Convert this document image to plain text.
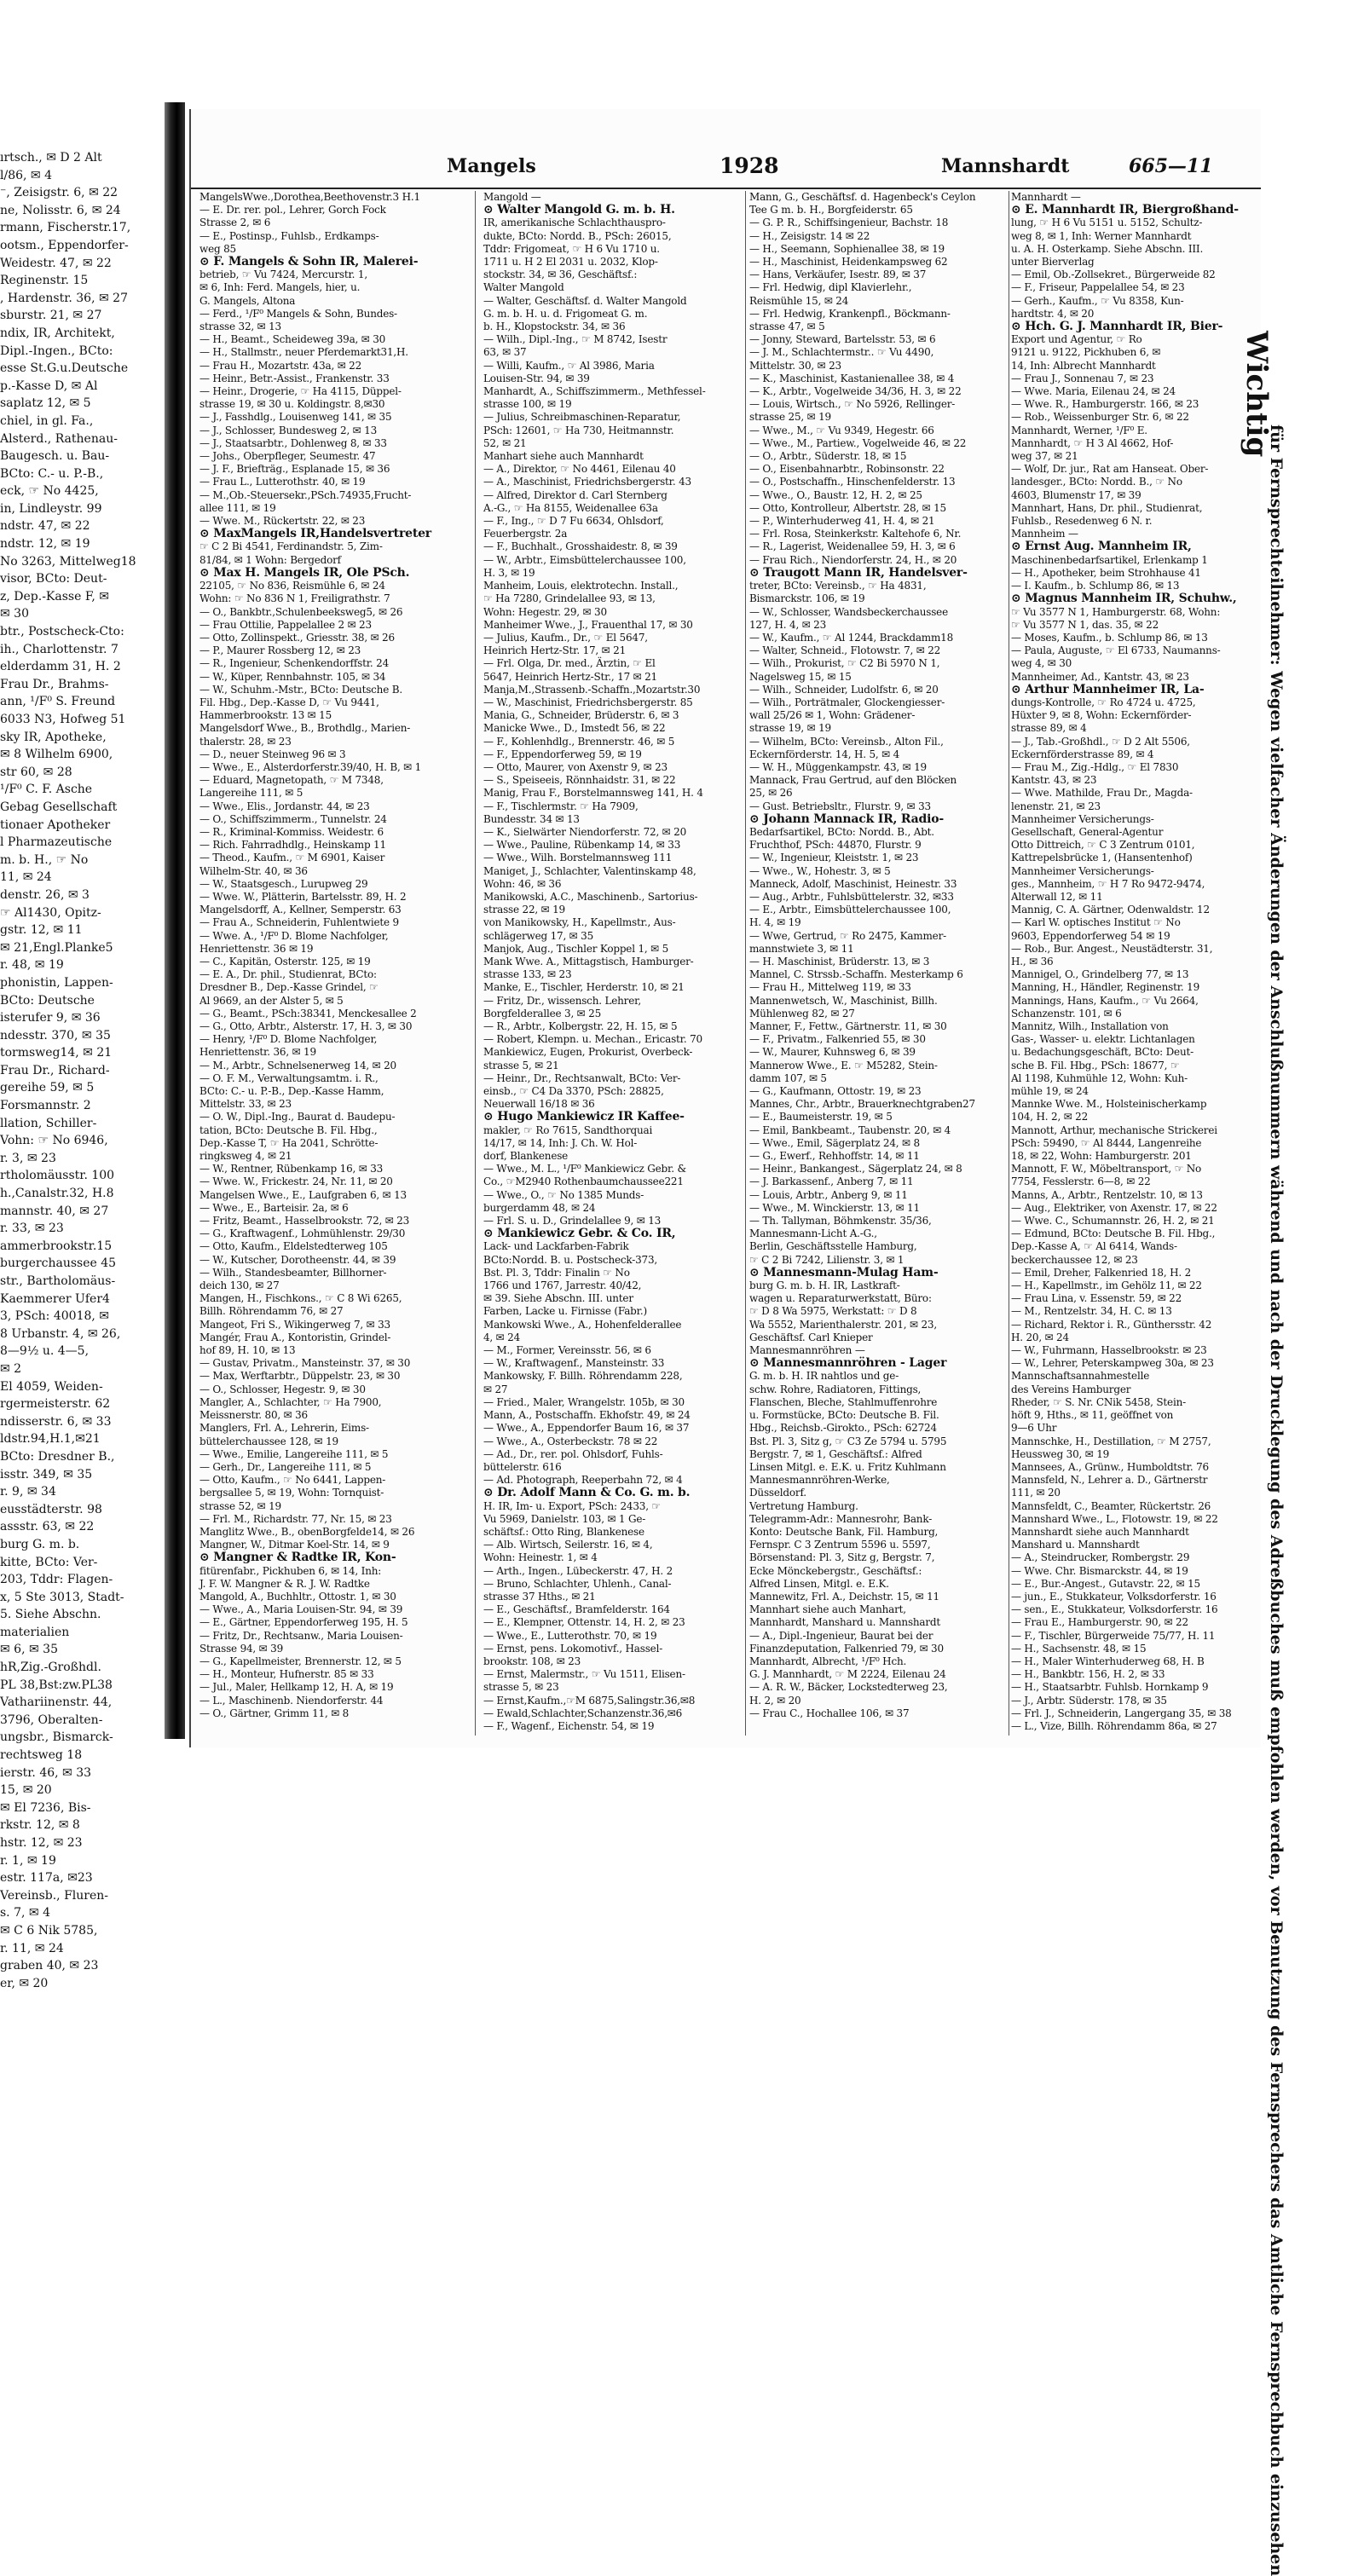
ırtsch., ✉ D 2 Alt
l/86, ✉ 4
⁻, Zeisigstr. 6, ✉ 22
ne, Nolisstr. 6, ✉ 24
rmann, Fischerstr.17,
ootsm., Eppendorfer-
Weidestr. 47, ✉ 22
Reginenstr. 15
, Hardenstr. 36, ✉ 27
sburstr. 21, ✉ 27
ndix, IR, Architekt,
Dipl.-Ingen., BCto:
esse St.G.u.Deutsche
p.-Kasse D, ✉ Al
saplatz 12, ✉ 5
chiel, in gl. Fa.,
Alsterd., Rathenau-
Baugesch. u. Bau-
BCto: C.- u. P.-B.,
eck, ☞ No 4425,
in, Lindleystr. 99
ndstr. 47, ✉ 22
ndstr. 12, ✉ 19
No 3263, Mittelweg18
visor, BCto: Deut-
z, Dep.-Kasse F, ✉
✉ 30
btr., Postscheck-Cto:
ih., Charlottenstr. 7
elderdamm 31, H. 2
Frau Dr., Brahms-
ann, ¹/F⁰ S. Freund
6033 N3, Hofweg 51
sky IR, Apotheke,
✉ 8 Wilhelm 6900,
str 60, ✉ 28
¹/F⁰ C. F. Asche
Gebag Gesellschaft
tionaer Apotheker
l Pharmazeutische
m. b. H., ☞ No
11, ✉ 24
denstr. 26, ✉ 3
☞ Al1430, Opitz-
gstr. 12, ✉ 11
✉ 21,Engl.Planke5
r. 48, ✉ 19
phonistin, Lappen-
BCto: Deutsche
isterufer 9, ✉ 36
ndesstr. 370, ✉ 35
tormsweg14, ✉ 21
Frau Dr., Richard-
gereihe 59, ✉ 5
Forsmannstr. 2
llation, Schiller-
Vohn: ☞ No 6946,
r. 3, ✉ 23
rtholomäusstr. 100
h.,Canalstr.32, H.8
mannstr. 40, ✉ 27
r. 33, ✉ 23
ammerbrookstr.15
burgerchaussee 45
str., Bartholomäus-
Kaemmerer Ufer4
3, PSch: 40018, ✉
8 Urbanstr. 4, ✉ 26,
8—9½ u. 4—5,
✉ 2
El 4059, Weiden-
rgermeisterstr. 62
ndisserstr. 6, ✉ 33
ldstr.94,H.1,✉21
BCto: Dresdner B.,
isstr. 349, ✉ 35
r. 9, ✉ 34
eusstädterstr. 98
assstr. 63, ✉ 22
burg G. m. b.
kitte, BCto: Ver-
203, Tddr: Flagen-
x, 5 Ste 3013, Stadt-
5. Siehe Abschn.
materialien
✉ 6, ✉ 35
hR,Zig.-Großhdl.
PL 38,Bst:zw.PL38
Vathariinenstr. 44,
3796, Oberalten-
ungsbr., Bismarck-
rechtsweg 18
ierstr. 46, ✉ 33
15, ✉ 20
✉ El 7236, Bis-
rkstr. 12, ✉ 8
hstr. 12, ✉ 23
r. 1, ✉ 19
estr. 117a, ✉23
Vereinsb., Fluren-
s. 7, ✉ 4
✉ C 6 Nik 5785,
r. 11, ✉ 24
graben 40, ✉ 23
er, ✉ 20
Mangels	1928	Mannshardt	665—11
MangelsWwe.,Dorothea,Beethovenstr.3 H.1
— E. Dr. rer. pol., Lehrer, Gorch Fock
Strasse 2, ✉ 6
— E., Postinsp., Fuhlsb., Erdkamps-
weg 85
⊙ F. Mangels & Sohn IR, Malerei-
betrieb, ☞ Vu 7424, Mercurstr. 1,
✉ 6, Inh: Ferd. Mangels, hier, u.
G. Mangels, Altona
— Ferd., ¹/F⁰ Mangels & Sohn, Bundes-
strasse 32, ✉ 13
— H., Beamt., Scheideweg 39a, ✉ 30
— H., Stallmstr., neuer Pferdemarkt31,H.
— Frau H., Mozartstr. 43a, ✉ 22
— Heinr., Betr.-Assist., Frankenstr. 33
— Heinr., Drogerie, ☞ Ha 4115, Düppel-
strasse 19, ✉ 30 u. Koldingstr. 8,✉30
— J., Fasshdlg., Louisenweg 141, ✉ 35
— J., Schlosser, Bundesweg 2, ✉ 13
— J., Staatsarbtr., Dohlenweg 8, ✉ 33
— Johs., Oberpfleger, Seumestr. 47
— J. F., Briefträg., Esplanade 15, ✉ 36
— Frau L., Lutterothstr. 40, ✉ 19
— M.,Ob.-Steuersekr.,PSch.74935,Frucht-
allee 111, ✉ 19
— Wwe. M., Rückertstr. 22, ✉ 23
⊙ MaxMangels IR,Handelsvertreter
☞ C 2 Bi 4541, Ferdinandstr. 5, Zim-
81/84, ✉ 1 Wohn: Bergedorf
⊙ Max H. Mangels IR, Ole PSch.
22105, ☞ No 836, Reismühle 6, ✉ 24
Wohn: ☞ No 836 N 1, Freiligrathstr. 7
— O., Bankbtr.,Schulenbeeksweg5, ✉ 26
— Frau Ottilie, Pappelallee 2 ✉ 23
— Otto, Zollinspekt., Griesstr. 38, ✉ 26
— P., Maurer Rossberg 12, ✉ 23
— R., Ingenieur, Schenkendorffstr. 24
— W., Küper, Rennbahnstr. 105, ✉ 34
— W., Schuhm.-Mstr., BCto: Deutsche B.
Fil. Hbg., Dep.-Kasse D, ☞ Vu 9441,
Hammerbrookstr. 13 ✉ 15
Mangelsdorf Wwe., B., Brothdlg., Marien-
thalerstr. 28, ✉ 23
— D., neuer Steinweg 96 ✉ 3
— Wwe., E., Alsterdorferstr.39/40, H. B, ✉ 1
— Eduard, Magnetopath, ☞ M 7348,
Langereihe 111, ✉ 5
— Wwe., Elis., Jordanstr. 44, ✉ 23
— O., Schiffszimmerm., Tunnelstr. 24
— R., Kriminal-Kommiss. Weidestr. 6
— Rich. Fahrradhdlg., Heinskamp 11
— Theod., Kaufm., ☞ M 6901, Kaiser
Wilhelm-Str. 40, ✉ 36
— W., Staatsgesch., Lurupweg 29
— Wwe. W., Plätterin, Bartelsstr. 89, H. 2
Mangelsdorff, A., Kellner, Semperstr. 63
— Frau A., Schneiderin, Fuhlentwiete 9
— Wwe. A., ¹/F⁰ D. Blome Nachfolger,
Henriettenstr. 36 ✉ 19
— C., Kapitän, Osterstr. 125, ✉ 19
— E. A., Dr. phil., Studienrat, BCto:
Dresdner B., Dep.-Kasse Grindel, ☞
Al 9669, an der Alster 5, ✉ 5
— G., Beamt., PSch:38341, Menckesallee 2
— G., Otto, Arbtr., Alsterstr. 17, H. 3, ✉ 30
— Henry, ¹/F⁰ D. Blome Nachfolger,
Henriettenstr. 36, ✉ 19
— M., Arbtr., Schnelsenerweg 14, ✉ 20
— O. F. M., Verwaltungsamtm. i. R.,
BCto: C.- u. P.-B., Dep.-Kasse Hamm,
Mittelstr. 33, ✉ 23
— O. W., Dipl.-Ing., Baurat d. Baudepu-
tation, BCto: Deutsche B. Fil. Hbg.,
Dep.-Kasse T, ☞ Ha 2041, Schrötte-
ringksweg 4, ✉ 21
— W., Rentner, Rübenkamp 16, ✉ 33
— Wwe. W., Frickestr. 24, Nr. 11, ✉ 20
Mangelsen Wwe., E., Laufgraben 6, ✉ 13
— Wwe., E., Barteisir. 2a, ✉ 6
— Fritz, Beamt., Hasselbrookstr. 72, ✉ 23
— G., Kraftwagenf., Lohmühlenstr. 29/30
— Otto, Kaufm., Eldelstedterweg 105
— W., Kutscher, Dorotheenstr. 44, ✉ 39
— Wilh., Standesbeamter, Billhorner-
deich 130, ✉ 27
Mangen, H., Fischkons., ☞ C 8 Wi 6265,
Billh. Röhrendamm 76, ✉ 27
Mangeot, Fri S., Wikingerweg 7, ✉ 33
Mangér, Frau A., Kontoristin, Grindel-
hof 89, H. 10, ✉ 13
— Gustav, Privatm., Mansteinstr. 37, ✉ 30
— Max, Werftarbtr., Düppelstr. 23, ✉ 30
— O., Schlosser, Hegestr. 9, ✉ 30
Mangler, A., Schlachter, ☞ Ha 7900,
Meissnerstr. 80, ✉ 36
Manglers, Frl. A., Lehrerin, Eims-
büttelerchaussee 128, ✉ 19
— Wwe., Emilie, Langereihe 111, ✉ 5
— Gerh., Dr., Langereihe 111, ✉ 5
— Otto, Kaufm., ☞ No 6441, Lappen-
bergsallee 5, ✉ 19, Wohn: Tornquist-
strasse 52, ✉ 19
— Frl. M., Richardstr. 77, Nr. 15, ✉ 23
Manglitz Wwe., B., obenBorgfelde14, ✉ 26
Mangner, W., Ditmar Koel-Str. 14, ✉ 9
⊙ Mangner & Radtke IR, Kon-
fitürenfabr., Pickhuben 6, ✉ 14, Inh:
J. F. W. Mangner & R. J. W. Radtke
Mangold, A., Buchhltr., Ottostr. 1, ✉ 30
— Wwe., A., Maria Louisen-Str. 94, ✉ 39
— E., Gärtner, Eppendorferweg 195, H. 5
— Fritz, Dr., Rechtsanw., Maria Louisen-
Strasse 94, ✉ 39
— G., Kapellmeister, Brennerstr. 12, ✉ 5
— H., Monteur, Hufnerstr. 85 ✉ 33
— Jul., Maler, Hellkamp 12, H. A, ✉ 19
— L., Maschinenb. Niendorferstr. 44
— O., Gärtner, Grimm 11, ✉ 8
Mangold —
⊙ Walter Mangold G. m. b. H.
IR, amerikanische Schlachthauspro-
dukte, BCto: Nordd. B., PSch: 26015,
Tddr: Frigomeat, ☞ H 6 Vu 1710 u.
1711 u. H 2 El 2031 u. 2032, Klop-
stockstr. 34, ✉ 36, Geschäftsf.:
Walter Mangold
— Walter, Geschäftsf. d. Walter Mangold
G. m. b. H. u. d. Frigomeat G. m.
b. H., Klopstockstr. 34, ✉ 36
— Wilh., Dipl.-Ing., ☞ M 8742, Isestr
63, ✉ 37
— Willi, Kaufm., ☞ Al 3986, Maria
Louisen-Str. 94, ✉ 39
Manhardt, A., Schiffszimmerm., Methfessel-
strasse 100, ✉ 19
— Julius, Schreibmaschinen-Reparatur,
PSch: 12601, ☞ Ha 730, Heitmannstr.
52, ✉ 21
Manhart siehe auch Mannhardt
— A., Direktor, ☞ No 4461, Eilenau 40
— A., Maschinist, Friedrichsbergerstr. 43
— Alfred, Direktor d. Carl Sternberg
A.-G., ☞ Ha 8155, Weidenallee 63a
— F., Ing., ☞ D 7 Fu 6634, Ohlsdorf,
Feuerbergstr. 2a
— F., Buchhalt., Grosshaidestr. 8, ✉ 39
— W., Arbtr., Eimsbüttelerchaussee 100,
H. 3, ✉ 19
Manheim, Louis, elektrotechn. Install.,
☞ Ha 7280, Grindelallee 93, ✉ 13,
Wohn: Hegestr. 29, ✉ 30
Manheimer Wwe., J., Frauenthal 17, ✉ 30
— Julius, Kaufm., Dr., ☞ El 5647,
Heinrich Hertz-Str. 17, ✉ 21
— Frl. Olga, Dr. med., Ärztin, ☞ El
5647, Heinrich Hertz-Str., 17 ✉ 21
Manja,M.,Strassenb.-Schaffn.,Mozartstr.30
— W., Maschinist, Friedrichsbergerstr. 85
Mania, G., Schneider, Brüderstr. 6, ✉ 3
Manicke Wwe., D., Imstedt 56, ✉ 22
— F., Kohlenhdlg., Brennerstr. 46, ✉ 5
— F., Eppendorferweg 59, ✉ 19
— Otto, Maurer, von Axenstr 9, ✉ 23
— S., Speiseeis, Rönnhaidstr. 31, ✉ 22
Manig, Frau F., Borstelmannsweg 141, H. 4
— F., Tischlermstr. ☞ Ha 7909,
Bundesstr. 34 ✉ 13
— K., Sielwärter Niendorferstr. 72, ✉ 20
— Wwe., Pauline, Rübenkamp 14, ✉ 33
— Wwe., Wilh. Borstelmannsweg 111
Maniget, J., Schlachter, Valentinskamp 48,
Wohn: 46, ✉ 36
Manikowski, A.C., Maschinenb., Sartorius-
strasse 22, ✉ 19
von Manikowsky, H., Kapellmstr., Aus-
schlägerweg 17, ✉ 35
Manjok, Aug., Tischler Koppel 1, ✉ 5
Mank Wwe. A., Mittagstisch, Hamburger-
strasse 133, ✉ 23
Manke, E., Tischler, Herderstr. 10, ✉ 21
— Fritz, Dr., wissensch. Lehrer,
Borgfelderallee 3, ✉ 25
— R., Arbtr., Kolbergstr. 22, H. 15, ✉ 5
— Robert, Klempn. u. Mechan., Ericastr. 70
Mankiewicz, Eugen, Prokurist, Overbeck-
strasse 5, ✉ 21
— Heinr., Dr., Rechtsanwalt, BCto: Ver-
einsb., ☞ C4 Da 3370, PSch: 28825,
Neuerwall 16/18 ✉ 36
⊙ Hugo Mankiewicz IR Kaffee-
makler, ☞ Ro 7615, Sandthorquai
14/17, ✉ 14, Inh: J. Ch. W. Hol-
dorf, Blankenese
— Wwe., M. L., ¹/F⁰ Mankiewicz Gebr. &
Co., ☞M2940 Rothenbaumchaussee221
— Wwe., O., ☞ No 1385 Munds-
burgerdamm 48, ✉ 24
— Frl. S. u. D., Grindelallee 9, ✉ 13
⊙ Mankiewicz Gebr. & Co. IR,
Lack- und Lackfarben-Fabrik
BCto:Nordd. B. u. Postscheck-373,
Bst. Pl. 3, Tddr: Finalin ☞ No
1766 und 1767, Jarrestr. 40/42,
✉ 39. Siehe Abschn. III. unter
Farben, Lacke u. Firnisse (Fabr.)
Mankowski Wwe., A., Hohenfelderallee
4, ✉ 24
— M., Former, Vereinsstr. 56, ✉ 6
— W., Kraftwagenf., Mansteinstr. 33
Mankowsky, F. Billh. Röhrendamm 228,
✉ 27
— Fried., Maler, Wrangelstr. 105b, ✉ 30
Mann, A., Postschaffn. Ekhofstr. 49, ✉ 24
— Wwe., A., Eppendorfer Baum 16, ✉ 37
— Wwe., A., Osterbeckstr. 78 ✉ 22
— Ad., Dr., rer. pol. Ohlsdorf, Fuhls-
büttelerstr. 616
— Ad. Photograph, Reeperbahn 72, ✉ 4
⊙ Dr. Adolf Mann & Co. G. m. b.
H. IR, Im- u. Export, PSch: 2433, ☞
Vu 5969, Danielstr. 103, ✉ 1 Ge-
schäftsf.: Otto Ring, Blankenese
— Alb. Wirtsch, Seilerstr. 16, ✉ 4,
Wohn: Heinestr. 1, ✉ 4
— Arth., Ingen., Lübeckerstr. 47, H. 2
— Bruno, Schlachter, Uhlenh., Canal-
strasse 37 Hths., ✉ 21
— E., Geschäftsf., Bramfelderstr. 164
— E., Klempner, Ottenstr. 14, H. 2, ✉ 23
— Wwe., E., Lutterothstr. 70, ✉ 19
— Ernst, pens. Lokomotivf., Hassel-
brookstr. 108, ✉ 23
— Ernst, Malermstr., ☞ Vu 1511, Elisen-
strasse 5, ✉ 23
— Ernst,Kaufm.,☞M 6875,Salingstr.36,✉8
— Ewald,Schlachter,Schanzenstr.36,✉6
— F., Wagenf., Eichenstr. 54, ✉ 19
Mann, G., Geschäftsf. d. Hagenbeck's Ceylon
Tee G m. b. H., Borgfeiderstr. 65
— G. P. R., Schiffsingenieur, Bachstr. 18
— H., Zeisigstr. 14 ✉ 22
— H., Seemann, Sophienallee 38, ✉ 19
— H., Maschinist, Heidenkampsweg 62
— Hans, Verkäufer, Isestr. 89, ✉ 37
— Frl. Hedwig, dipl Klavierlehr.,
Reismühle 15, ✉ 24
— Frl. Hedwig, Krankenpfl., Böckmann-
strasse 47, ✉ 5
— Jonny, Steward, Bartelsstr. 53, ✉ 6
— J. M., Schlachtermstr.. ☞ Vu 4490,
Mittelstr. 30, ✉ 23
— K., Maschinist, Kastanienallee 38, ✉ 4
— K., Arbtr., Vogelweide 34/36, H. 3, ✉ 22
— Louis, Wirtsch., ☞ No 5926, Rellinger-
strasse 25, ✉ 19
— Wwe., M., ☞ Vu 9349, Hegestr. 66
— Wwe., M., Partiew., Vogelweide 46, ✉ 22
— O., Arbtr., Süderstr. 18, ✉ 15
— O., Eisenbahnarbtr., Robinsonstr. 22
— O., Postschaffn., Hinschenfelderstr. 13
— Wwe., O., Baustr. 12, H. 2, ✉ 25
— Otto, Kontrolleur, Albertstr. 28, ✉ 15
— P., Winterhuderweg 41, H. 4, ✉ 21
— Frl. Rosa, Steinkerkstr. Kaltehofe 6, Nr.
— R., Lagerist, Weidenallee 59, H. 3, ✉ 6
— Frau Rich., Niendorferstr. 24, H., ✉ 20
⊙ Traugott Mann IR, Handelsver-
treter, BCto: Vereinsb., ☞ Ha 4831,
Bismarckstr. 106, ✉ 19
— W., Schlosser, Wandsbeckerchaussee
127, H. 4, ✉ 23
— W., Kaufm., ☞ Al 1244, Brackdamm18
— Walter, Schneid., Flotowstr. 7, ✉ 22
— Wilh., Prokurist, ☞ C2 Bi 5970 N 1,
Nagelsweg 15, ✉ 15
— Wilh., Schneider, Ludolfstr. 6, ✉ 20
— Wilh., Porträtmaler, Glockengiesser-
wall 25/26 ✉ 1, Wohn: Grädener-
strasse 19, ✉ 19
— Wilhelm, BCto: Vereinsb., Alton Fil.,
Eckernförderstr. 14, H. 5, ✉ 4
— W. H., Müggenkampstr. 43, ✉ 19
Mannack, Frau Gertrud, auf den Blöcken
25, ✉ 26
— Gust. Betriebsltr., Flurstr. 9, ✉ 33
⊙ Johann Mannack IR, Radio-
Bedarfsartikel, BCto: Nordd. B., Abt.
Fruchthof, PSch: 44870, Flurstr. 9
— W., Ingenieur, Kleiststr. 1, ✉ 23
— Wwe., W., Hohestr. 3, ✉ 5
Manneck, Adolf, Maschinist, Heinestr. 33
— Aug., Arbtr., Fuhlsbüttelerstr. 32, ✉33
— E., Arbtr., Eimsbüttelerchaussee 100,
H. 4, ✉ 19
— Wwe, Gertrud, ☞ Ro 2475, Kammer-
mannstwiete 3, ✉ 11
— H. Maschinist, Brüderstr. 13, ✉ 3
Mannel, C. Strssb.-Schaffn. Mesterkamp 6
— Frau H., Mittelweg 119, ✉ 33
Mannenwetsch, W., Maschinist, Billh.
Mühlenweg 82, ✉ 27
Manner, F., Fettw., Gärtnerstr. 11, ✉ 30
— F., Privatm., Falkenried 55, ✉ 30
— W., Maurer, Kuhnsweg 6, ✉ 39
Mannerow Wwe., E. ☞ M5282, Stein-
damm 107, ✉ 5
— G., Kaufmann, Ottostr. 19, ✉ 23
Mannes, Chr., Arbtr., Brauerknechtgraben27
— E., Baumeisterstr. 19, ✉ 5
— Emil, Bankbeamt., Taubenstr. 20, ✉ 4
— Wwe., Emil, Sägerplatz 24, ✉ 8
— G., Ewerf., Rehhoffstr. 14, ✉ 11
— Heinr., Bankangest., Sägerplatz 24, ✉ 8
— J. Barkassenf., Anberg 7, ✉ 11
— Louis, Arbtr., Anberg 9, ✉ 11
— Wwe., M. Winckierstr. 13, ✉ 11
— Th. Tallyman, Böhmkenstr. 35/36,
Mannesmann-Licht A.-G.,
Berlin, Geschäftsstelle Hamburg,
☞ C 2 Bi 7242, Lilienstr. 3, ✉ 1
⊙ Mannesmann-Mulag Ham-
burg G. m. b. H. IR, Lastkraft-
wagen u. Reparaturwerkstatt, Büro:
☞ D 8 Wa 5975, Werkstatt: ☞ D 8
Wa 5552, Marienthalerstr. 201, ✉ 23,
Geschäftsf. Carl Knieper
Mannesmannröhren —
⊙ Mannesmannröhren - Lager
G. m. b. H. IR nahtlos und ge-
schw. Rohre, Radiatoren, Fittings,
Flanschen, Bleche, Stahlmuffenrohre
u. Formstücke, BCto: Deutsche B. Fil.
Hbg., Reichsb.-Girokto., PSch: 62724
Bst. Pl. 3, Sitz g, ☞ C3 Ze 5794 u. 5795
Bergstr. 7, ✉ 1, Geschäftsf.: Alfred
Linsen Mitgl. e. E.K. u. Fritz Kuhlmann
Mannesmannröhren-Werke,
Düsseldorf.
Vertretung Hamburg.
Telegramm-Adr.: Mannesrohr, Bank-
Konto: Deutsche Bank, Fil. Hamburg,
Fernspr. C 3 Zentrum 5596 u. 5597,
Börsenstand: Pl. 3, Sitz g, Bergstr. 7,
Ecke Mönckebergstr., Geschäftsf.:
Alfred Linsen, Mitgl. e. E.K.
Mannewitz, Frl. A., Deichstr. 15, ✉ 11
Mannhart siehe auch Manhart,
Mannhardt, Manshard u. Mannshardt
— A., Dipl.-Ingenieur, Baurat bei der
Finanzdeputation, Falkenried 79, ✉ 30
Mannhardt, Albrecht, ¹/F⁰ Hch.
G. J. Mannhardt, ☞ M 2224, Eilenau 24
— A. R. W., Bäcker, Lockstedterweg 23,
H. 2, ✉ 20
— Frau C., Hochallee 106, ✉ 37
Mannhardt —
⊙ E. Mannhardt IR, Biergroßhand-
lung, ☞ H 6 Vu 5151 u. 5152, Schultz-
weg 8, ✉ 1, Inh: Werner Mannhardt
u. A. H. Osterkamp. Siehe Abschn. III.
unter Bierverlag
— Emil, Ob.-Zollsekret., Bürgerweide 82
— F., Friseur, Pappelallee 54, ✉ 23
— Gerh., Kaufm., ☞ Vu 8358, Kun-
hardtstr. 4, ✉ 20
⊙ Hch. G. J. Mannhardt IR, Bier-
Export und Agentur, ☞ Ro
9121 u. 9122, Pickhuben 6, ✉
14, Inh: Albrecht Mannhardt
— Frau J., Sonnenau 7, ✉ 23
— Wwe. Maria, Eilenau 24, ✉ 24
— Wwe. R., Hamburgerstr. 166, ✉ 23
— Rob., Weissenburger Str. 6, ✉ 22
Mannhardt, Werner, ¹/F⁰ E.
Mannhardt, ☞ H 3 Al 4662, Hof-
weg 37, ✉ 21
— Wolf, Dr. jur., Rat am Hanseat. Ober-
landesger., BCto: Nordd. B., ☞ No
4603, Blumenstr 17, ✉ 39
Mannhart, Hans, Dr. phil., Studienrat,
Fuhlsb., Resedenweg 6 N. r.
Mannheim —
⊙ Ernst Aug. Mannheim IR,
Maschinenbedarfsartikel, Erlenkamp 1
— H., Apotheker, beim Strohhause 41
— I. Kaufm., b. Schlump 86, ✉ 13
⊙ Magnus Mannheim IR, Schuhw.,
☞ Vu 3577 N 1, Hamburgerstr. 68, Wohn:
☞ Vu 3577 N 1, das. 35, ✉ 22
— Moses, Kaufm., b. Schlump 86, ✉ 13
— Paula, Auguste, ☞ El 6733, Naumanns-
weg 4, ✉ 30
Mannheimer, Ad., Kantstr. 43, ✉ 23
⊙ Arthur Mannheimer IR, La-
dungs-Kontrolle, ☞ Ro 4724 u. 4725,
Hüxter 9, ✉ 8, Wohn: Eckernförder-
strasse 89, ✉ 4
— J., Tab.-Großhdl., ☞ D 2 Alt 5506,
Eckernförderstrasse 89, ✉ 4
— Frau M., Zig.-Hdlg., ☞ El 7830
Kantstr. 43, ✉ 23
— Wwe. Mathilde, Frau Dr., Magda-
lenenstr. 21, ✉ 23
Mannheimer Versicherungs-
Gesellschaft, General-Agentur
Otto Dittreich, ☞ C 3 Zentrum 0101,
Kattrepelsbrücke 1, (Hansentenhof)
Mannheimer Versicherungs-
ges., Mannheim, ☞ H 7 Ro 9472-9474,
Alterwall 12, ✉ 11
Mannig, C. A. Gärtner, Odenwaldstr. 12
— Karl W. optisches Institut ☞ No
9603, Eppendorferweg 54 ✉ 19
— Rob., Bur. Angest., Neustädterstr. 31,
H., ✉ 36
Mannigel, O., Grindelberg 77, ✉ 13
Manning, H., Händler, Reginenstr. 19
Mannings, Hans, Kaufm., ☞ Vu 2664,
Schanzenstr. 101, ✉ 6
Mannitz, Wilh., Installation von
Gas-, Wasser- u. elektr. Lichtanlagen
u. Bedachungsgeschäft, BCto: Deut-
sche B. Fil. Hbg., PSch: 18677, ☞
Al 1198, Kuhmühle 12, Wohn: Kuh-
mühle 19, ✉ 24
Mannke Wwe. M., Holsteinischerkamp
104, H. 2, ✉ 22
Mannott, Arthur, mechanische Strickerei
PSch: 59490, ☞ Al 8444, Langenreihe
18, ✉ 22, Wohn: Hamburgerstr. 201
Mannott, F. W., Möbeltransport, ☞ No
7754, Fesslerstr. 6—8, ✉ 22
Manns, A., Arbtr., Rentzelstr. 10, ✉ 13
— Aug., Elektriker, von Axenstr. 17, ✉ 22
— Wwe. C., Schumannstr. 26, H. 2, ✉ 21
— Edmund, BCto: Deutsche B. Fil. Hbg.,
Dep.-Kasse A, ☞ Al 6414, Wands-
beckerchaussee 12, ✉ 23
— Emil, Dreher, Falkenried 18, H. 2
— H., Kapellmstr., im Gehölz 11, ✉ 22
— Frau Lina, v. Essenstr. 59, ✉ 22
— M., Rentzelstr. 34, H. C. ✉ 13
— Richard, Rektor i. R., Günthersstr. 42
H. 20, ✉ 24
— W., Fuhrmann, Hasselbrookstr. ✉ 23
— W., Lehrer, Peterskampweg 30a, ✉ 23
Mannschaftsannahmestelle
des Vereins Hamburger
Rheder, ☞ S. Nr. CNik 5458, Stein-
höft 9, Hths., ✉ 11, geöffnet von
9—6 Uhr
Mannschke, H., Destillation, ☞ M 2757,
Heussweg 30, ✉ 19
Mannsees, A., Grünw., Humboldtstr. 76
Mannsfeld, N., Lehrer a. D., Gärtnerstr
111, ✉ 20
Mannsfeldt, C., Beamter, Rückertstr. 26
Mannshard Wwe., L., Flotowstr. 19, ✉ 22
Mannshardt siehe auch Mannhardt
Manshard u. Mannshardt
— A., Steindrucker, Rombergstr. 29
— Wwe. Chr. Bismarckstr. 44, ✉ 19
— E., Bur.-Angest., Gutavstr. 22, ✉ 15
— jun., E., Stukkateur, Volksdorferstr. 16
— sen., E., Stukkateur, Volksdorferstr. 16
— Frau E., Hamburgerstr. 90, ✉ 22
— F., Tischler, Bürgerweide 75/77, H. 11
— H., Sachsenstr. 48, ✉ 15
— H., Maler Winterhuderweg 68, H. B
— H., Bankbtr. 156, H. 2, ✉ 33
— H., Staatsarbtr. Fuhlsb. Hornkamp 9
— J., Arbtr. Süderstr. 178, ✉ 35
— Frl. J., Schneiderin, Langergang 35, ✉ 38
— L., Vize, Billh. Röhrendamm 86a, ✉ 27
Wichtig
für Fernsprechteilnehmer: Wegen vielfacher Änderungen der Anschlußnummern während und nach der Drucklegung des Adreßbuches muß empfohlen werden, vor Benutzung des Fernsprechers das Amtliche Fernsprechbuch einzusehen
